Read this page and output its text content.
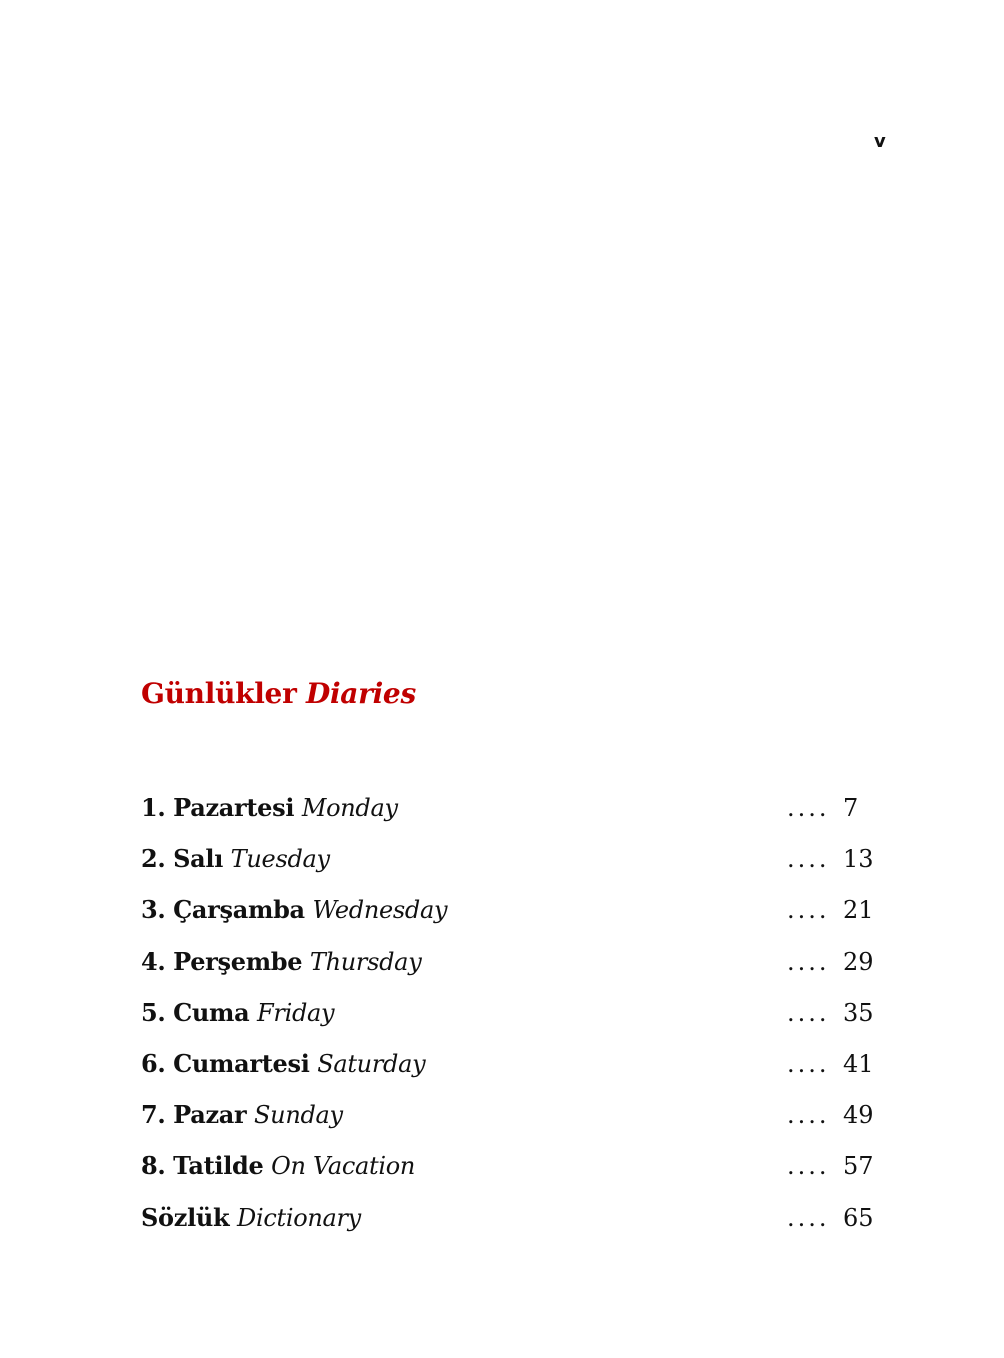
v
Günlükler Diaries
1. Pazartesi Monday	.... 7
2. Salı Tuesday	.... 13
3. Çarşamba Wednesday	.... 21
4. Perşembe Thursday	.... 29
5. Cuma Friday	.... 35
6. Cumartesi Saturday	.... 41
7. Pazar Sunday	.... 49
8. Tatilde On Vacation	.... 57
Sözlük Dictionary	.... 65
